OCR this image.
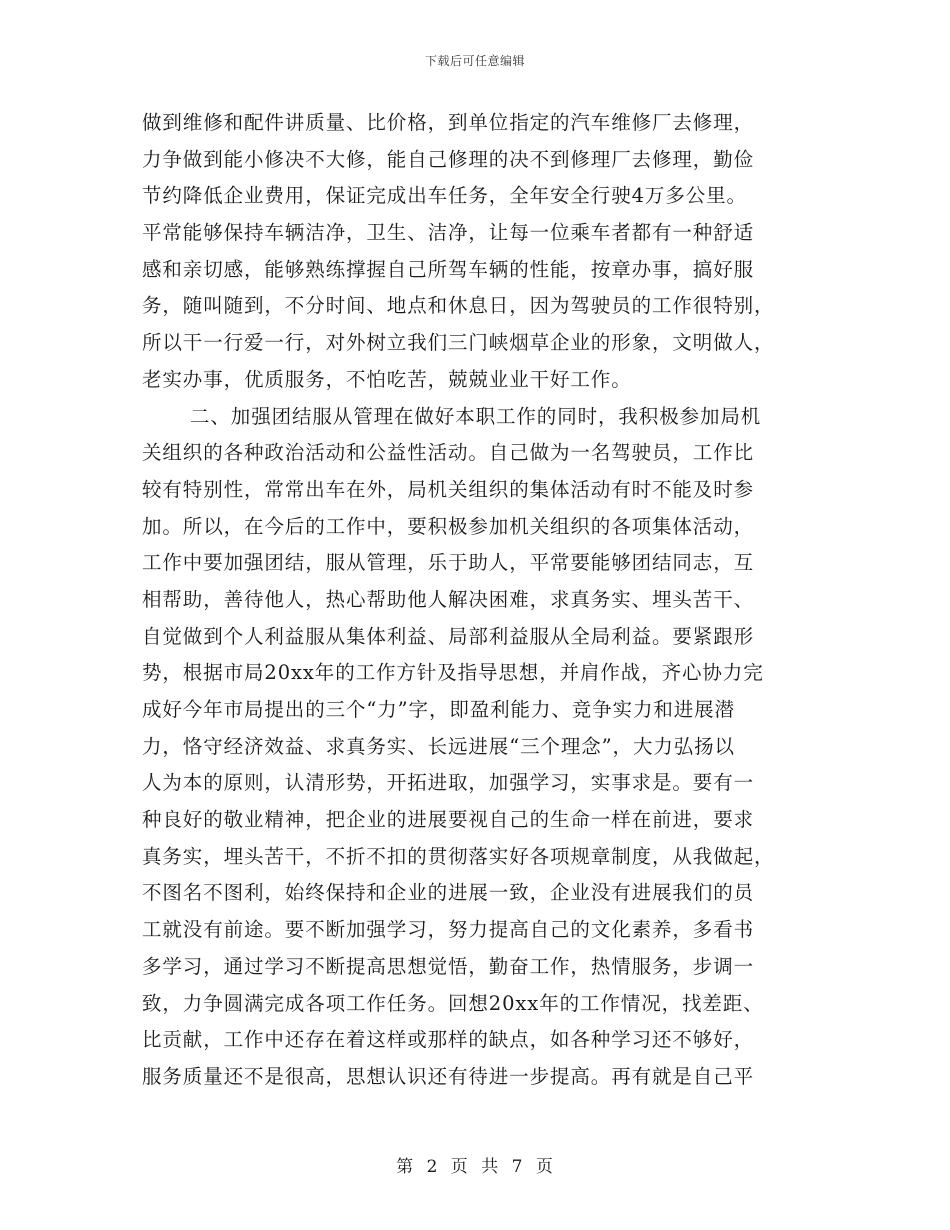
下载后可任意编辑
做到维修和配件讲质量、比价格，到单位指定的汽车维修厂去修理，
力争做到能小修决不大修，能自己修理的决不到修理厂去修理，勤俭
节约降低企业费用，保证完成出车任务，全年安全行驶4万多公里。
平常能够保持车辆洁净，卫生、洁净，让每一位乘车者都有一种舒适
感和亲切感，能够熟练撑握自己所驾车辆的性能，按章办事，搞好服
务，随叫随到，不分时间、地点和休息日，因为驾驶员的工作很特别，
所以干一行爱一行，对外树立我们三门峡烟草企业的形象，文明做人，
老实办事，优质服务，不怕吃苦，兢兢业业干好工作。
二、加强团结服从管理在做好本职工作的同时，我积极参加局机
关组织的各种政治活动和公益性活动。自己做为一名驾驶员，工作比
较有特别性，常常出车在外，局机关组织的集体活动有时不能及时参
加。所以，在今后的工作中，要积极参加机关组织的各项集体活动，
工作中要加强团结，服从管理，乐于助人，平常要能够团结同志，互
相帮助，善待他人，热心帮助他人解决困难，求真务实、埋头苦干、
自觉做到个人利益服从集体利益、局部利益服从全局利益。要紧跟形
势，根据市局20xx年的工作方针及指导思想，并肩作战，齐心协力完
成好今年市局提出的三个“力”字，即盈利能力、竞争实力和进展潜
力，恪守经济效益、求真务实、长远进展“三个理念”，大力弘扬以
人为本的原则，认清形势，开拓进取，加强学习，实事求是。要有一
种良好的敬业精神，把企业的进展要视自己的生命一样在前进，要求
真务实，埋头苦干，不折不扣的贯彻落实好各项规章制度，从我做起，
不图名不图利，始终保持和企业的进展一致，企业没有进展我们的员
工就没有前途。要不断加强学习，努力提高自己的文化素养，多看书
多学习，通过学习不断提高思想觉悟，勤奋工作，热情服务，步调一
致，力争圆满完成各项工作任务。回想20xx年的工作情况，找差距、
比贡献，工作中还存在着这样或那样的缺点，如各种学习还不够好，
服务质量还不是很高，思想认识还有待进一步提高。再有就是自己平
第 2 页 共 7 页
